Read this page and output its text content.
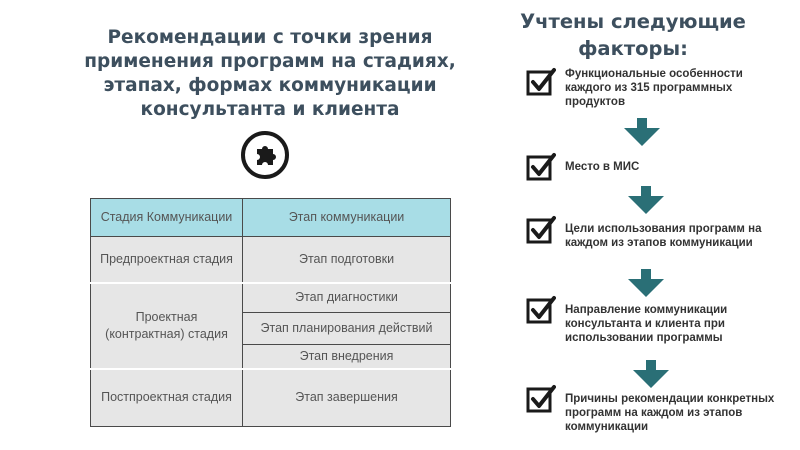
Рекомендации с точки зрения применения программ на стадиях, этапах, формах коммуникации консультанта и клиента
Стадия Коммуникации	Этап коммуникации
Предпроектная стадия	Этап подготовки
Проектная (контрактная) стадия	Этап диагностики
	Этап планирования действий
	Этап внедрения
Постпроектная стадия	Этап завершения
Учтены следующие факторы:
Функциональные особенности каждого из 315 программных продуктов
Место в МИС
Цели использования программ на каждом из этапов коммуникации
Направление коммуникации консультанта и клиента при использовании программы
Причины рекомендации конкретных программ на каждом из этапов коммуникации
